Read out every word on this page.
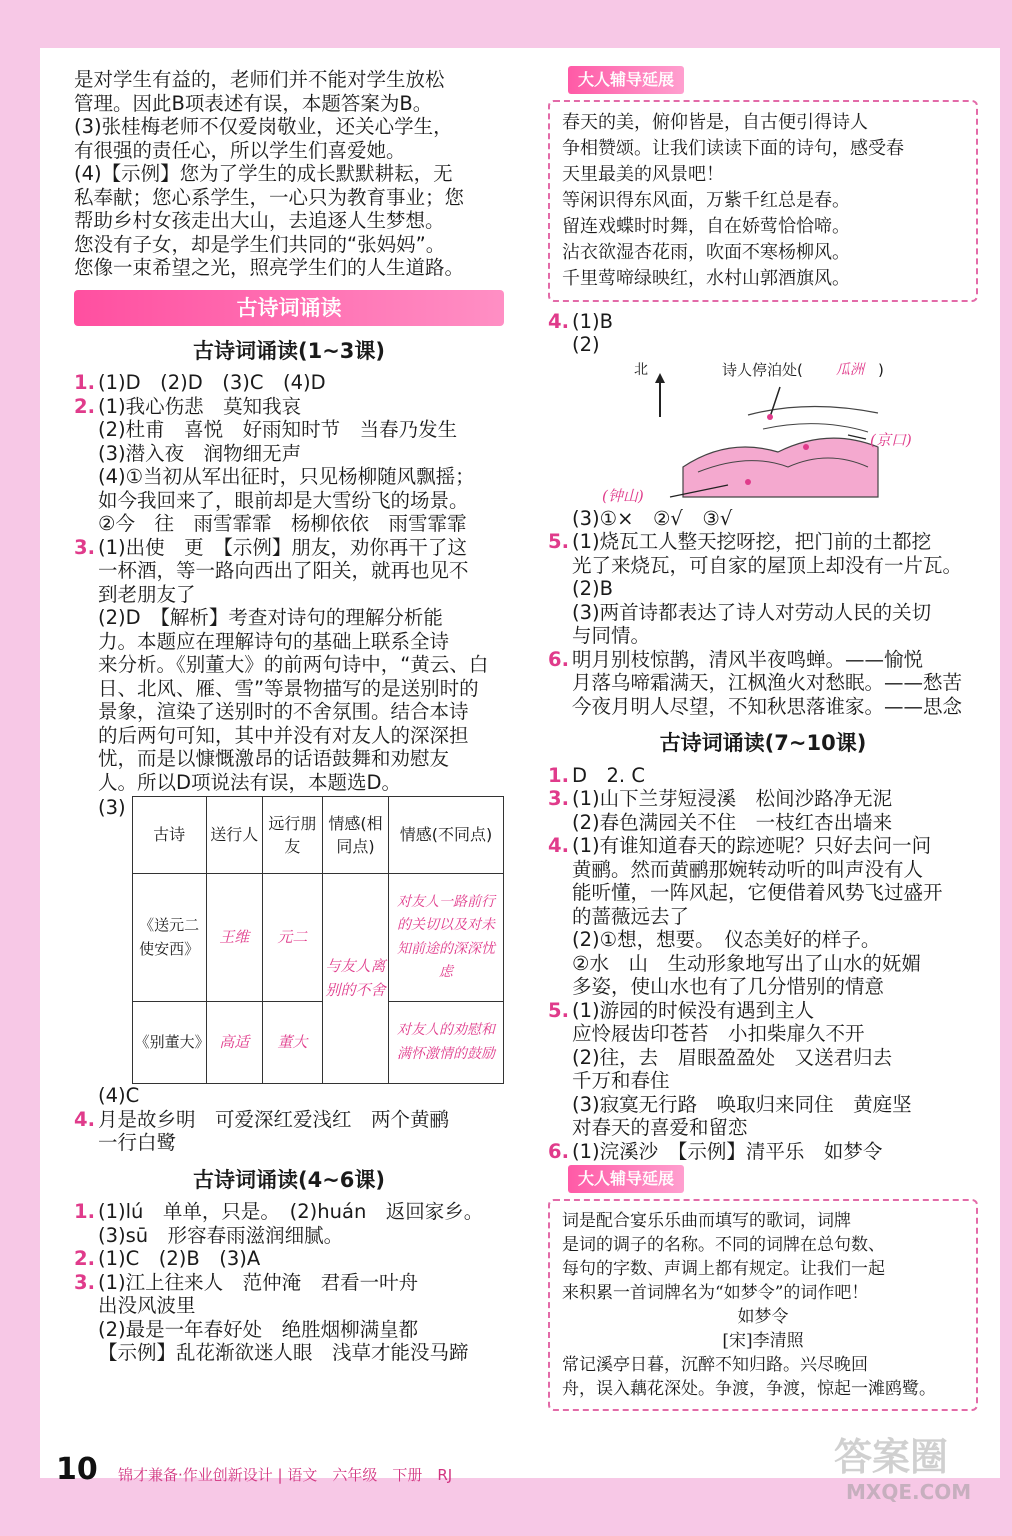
是对学生有益的，老师们并不能对学生放松
管理。因此B项表述有误，本题答案为B。
(3)张桂梅老师不仅爱岗敬业，还关心学生，
有很强的责任心，所以学生们喜爱她。
(4)【示例】您为了学生的成长默默耕耘，无
私奉献；您心系学生，一心只为教育事业；您
帮助乡村女孩走出大山，去追逐人生梦想。
您没有子女，却是学生们共同的“张妈妈”。
您像一束希望之光，照亮学生们的人生道路。
古诗词诵读
古诗词诵读(1~3课)
1. (1)D　(2)D　(3)C　(4)D
2. (1)我心伤悲　莫知我哀
(2)杜甫　喜悦　好雨知时节　当春乃发生
(3)潜入夜　润物细无声
(4)①当初从军出征时，只见杨柳随风飘摇；
如今我回来了，眼前却是大雪纷飞的场景。
②今　往　雨雪霏霏　杨柳依依　雨雪霏霏
3. (1)出使　更　【示例】朋友，劝你再干了这
一杯酒，等一路向西出了阳关，就再也见不
到老朋友了
(2)D　【解析】考查对诗句的理解分析能
力。本题应在理解诗句的基础上联系全诗
来分析。《别董大》的前两句诗中，“黄云、白
日、北风、雁、雪”等景物描写的是送别时的
景象，渲染了送别时的不舍氛围。结合本诗
的后两句可知，其中并没有对友人的深深担
忧，而是以慷慨激昂的话语鼓舞和劝慰友
人。所以D项说法有误，本题选D。
(3)
古诗	送行人	远行朋友	情感(相同点)	情感(不同点)
《送元二使安西》	王维	元二	与友人离别的不舍	对友人一路前行的关切以及对未知前途的深深忧虑
《别董大》	高适	董大		对友人的劝慰和满怀激情的鼓励
(4)C
4. 月是故乡明　可爱深红爱浅红　两个黄鹂
一行白鹭
古诗词诵读(4~6课)
1. (1)lú　单单，只是。　(2)huán　返回家乡。
(3)sū　形容春雨滋润细腻。
2. (1)C　(2)B　(3)A
3. (1)江上往来人　范仲淹　君看一叶舟
出没风波里
(2)最是一年春好处　绝胜烟柳满皇都
【示例】乱花渐欲迷人眼　浅草才能没马蹄
大人辅导延展
春天的美，俯仰皆是，自古便引得诗人
争相赞颂。让我们读读下面的诗句，感受春
天里最美的风景吧！
等闲识得东风面，万紫千红总是春。
留连戏蝶时时舞，自在娇莺恰恰啼。
沾衣欲湿杏花雨，吹面不寒杨柳风。
千里莺啼绿映红，水村山郭酒旗风。
4. (1)B
(2)
北	诗人停泊处( 瓜洲 )
(京口)
(钟山)
(3)①×　②√　③√
5. (1)烧瓦工人整天挖呀挖，把门前的土都挖
光了来烧瓦，可自家的屋顶上却没有一片瓦。
(2)B
(3)两首诗都表达了诗人对劳动人民的关切
与同情。
6. 明月别枝惊鹊，清风半夜鸣蝉。——愉悦
月落乌啼霜满天，江枫渔火对愁眠。——愁苦
今夜月明人尽望，不知秋思落谁家。——思念
古诗词诵读(7~10课)
1. D　2. C
3. (1)山下兰芽短浸溪　松间沙路净无泥
(2)春色满园关不住　一枝红杏出墙来
4. (1)有谁知道春天的踪迹呢？只好去问一问
黄鹂。然而黄鹂那婉转动听的叫声没有人
能听懂，一阵风起，它便借着风势飞过盛开
的蔷薇远去了
(2)①想，想要。　仪态美好的样子。
②水　山　生动形象地写出了山水的妩媚
多姿，使山水也有了几分惜别的情意
5. (1)游园的时候没有遇到主人
应怜屐齿印苍苔　小扣柴扉久不开
(2)往，去　眉眼盈盈处　又送君归去
千万和春住
(3)寂寞无行路　唤取归来同住　黄庭坚
对春天的喜爱和留恋
6. (1)浣溪沙　【示例】清平乐　如梦令
大人辅导延展
词是配合宴乐乐曲而填写的歌词，词牌
是词的调子的名称。不同的词牌在总句数、
每句的字数、声调上都有规定。让我们一起
来积累一首词牌名为“如梦令”的词作吧！
如梦令
[宋]李清照
常记溪亭日暮，沉醉不知归路。兴尽晚回
舟，误入藕花深处。争渡，争渡，惊起一滩鸥鹭。
10 锦才兼备·作业创新设计 | 语文　六年级　下册　RJ	答案圈
MXQE.COM
